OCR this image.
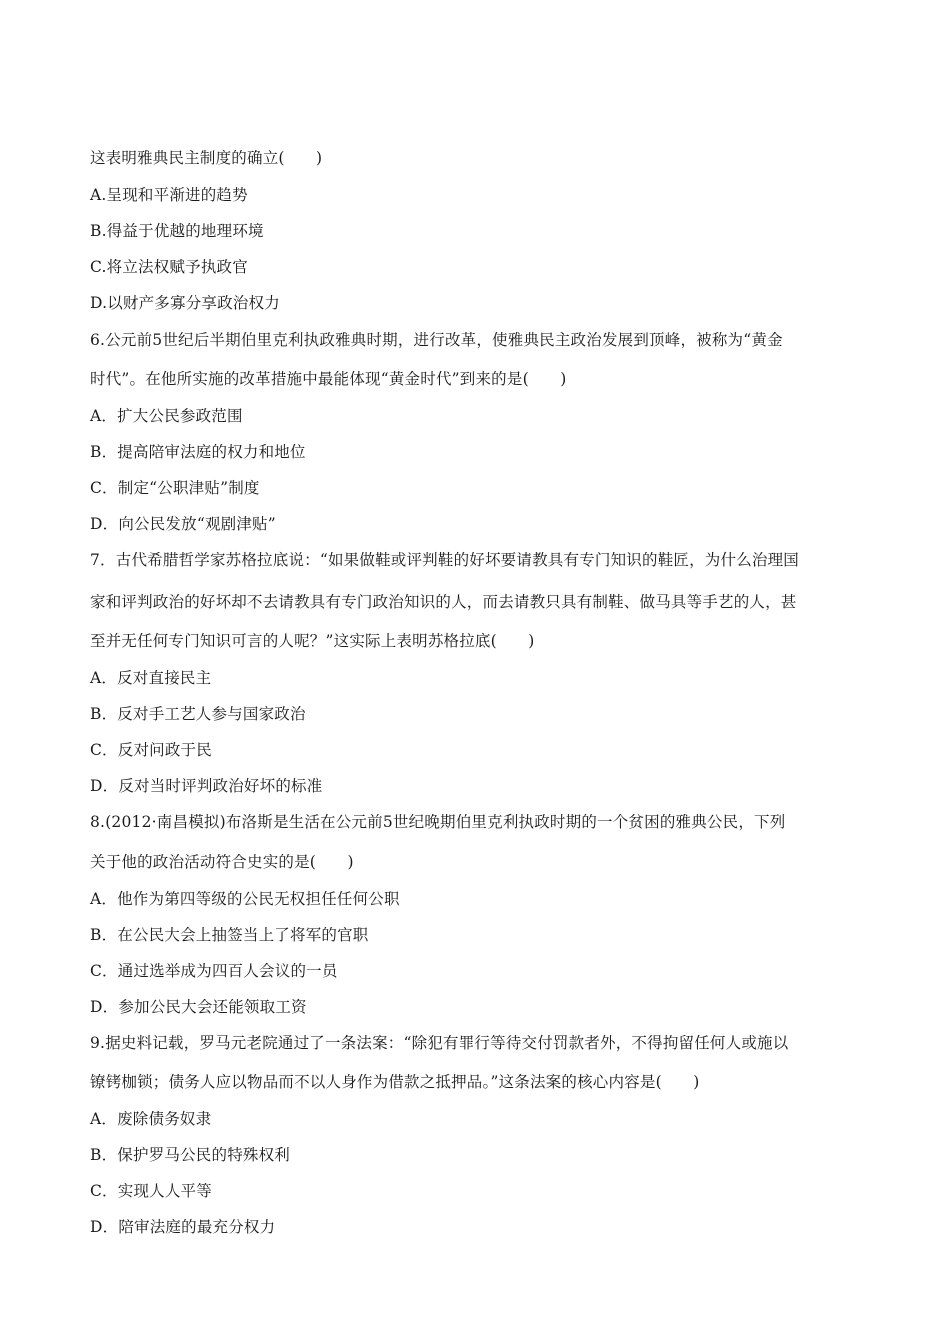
这表明雅典民主制度的确立(　　)
A.呈现和平渐进的趋势
B.得益于优越的地理环境
C.将立法权赋予执政官
D.以财产多寡分享政治权力
6.公元前5世纪后半期伯里克利执政雅典时期，进行改革，使雅典民主政治发展到顶峰，被称为“黄金
时代”。在他所实施的改革措施中最能体现“黄金时代”到来的是(　　)
A．扩大公民参政范围
B．提高陪审法庭的权力和地位
C．制定“公职津贴”制度
D．向公民发放“观剧津贴”
7．古代希腊哲学家苏格拉底说：“如果做鞋或评判鞋的好坏要请教具有专门知识的鞋匠，为什么治理国
家和评判政治的好坏却不去请教具有专门政治知识的人，而去请教只具有制鞋、做马具等手艺的人，甚
至并无任何专门知识可言的人呢？”这实际上表明苏格拉底(　　)
A．反对直接民主
B．反对手工艺人参与国家政治
C．反对问政于民
D．反对当时评判政治好坏的标准
8.(2012·南昌模拟)布洛斯是生活在公元前5世纪晚期伯里克利执政时期的一个贫困的雅典公民，下列
关于他的政治活动符合史实的是(　　)
A．他作为第四等级的公民无权担任任何公职
B．在公民大会上抽签当上了将军的官职
C．通过选举成为四百人会议的一员
D．参加公民大会还能领取工资
9.据史料记载，罗马元老院通过了一条法案：“除犯有罪行等待交付罚款者外，不得拘留任何人或施以
镣铐枷锁；债务人应以物品而不以人身作为借款之抵押品。”这条法案的核心内容是(　　)
A．废除债务奴隶
B．保护罗马公民的特殊权利
C．实现人人平等
D．陪审法庭的最充分权力
